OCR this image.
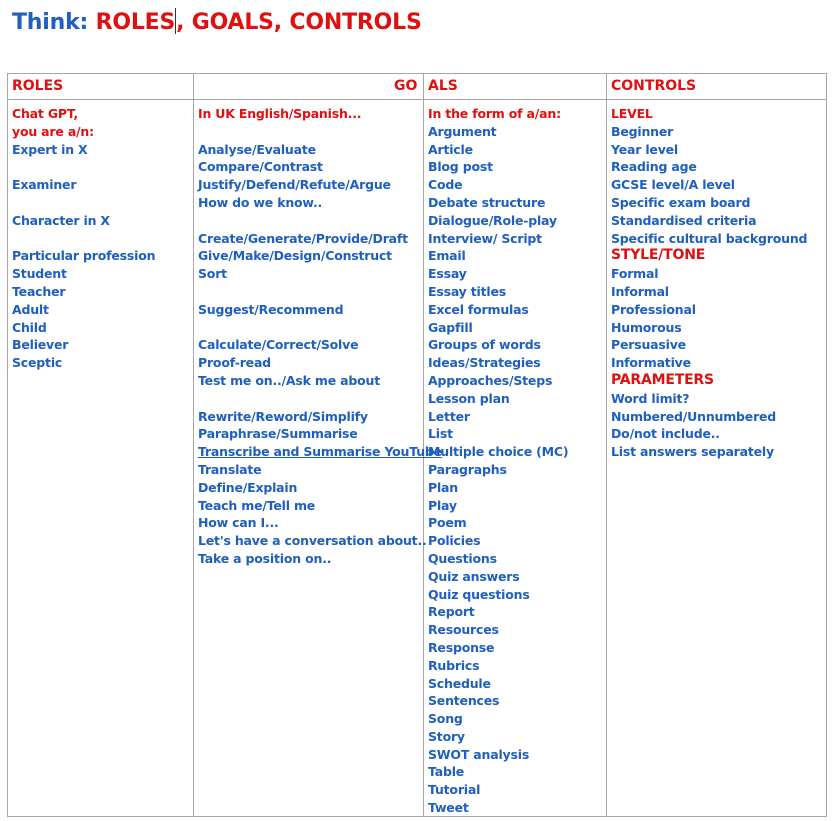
Think: ROLES, GOALS, CONTROLS
ROLES	GO ALS	CONTROLS
Chat GPT,
you are a/n:
Expert in X
Examiner
Character in X
Particular profession
Student
Teacher
Adult
Child
Believer
Sceptic
In UK English/Spanish...
Analyse/Evaluate
Compare/Contrast
Justify/Defend/Refute/Argue
How do we know..
Create/Generate/Provide/Draft
Give/Make/Design/Construct
Sort
Suggest/Recommend
Calculate/Correct/Solve
Proof-read
Test me on../Ask me about
Rewrite/Reword/Simplify
Paraphrase/Summarise
Transcribe and Summarise YouTube
Translate
Define/Explain
Teach me/Tell me
How can I...
Let's have a conversation about..
Take a position on..
In the form of a/an:
Argument
Article
Blog post
Code
Debate structure
Dialogue/Role-play
Interview/ Script
Email
Essay
Essay titles
Excel formulas
Gapfill
Groups of words
Ideas/Strategies
Approaches/Steps
Lesson plan
Letter
List
Multiple choice (MC)
Paragraphs
Plan
Play
Poem
Policies
Questions
Quiz answers
Quiz questions
Report
Resources
Response
Rubrics
Schedule
Sentences
Song
Story
SWOT analysis
Table
Tutorial
Tweet
LEVEL
Beginner
Year level
Reading age
GCSE level/A level
Specific exam board
Standardised criteria
Specific cultural background
STYLE/TONE
Formal
Informal
Professional
Humorous
Persuasive
Informative
PARAMETERS
Word limit?
Numbered/Unnumbered
Do/not include..
List answers separately
